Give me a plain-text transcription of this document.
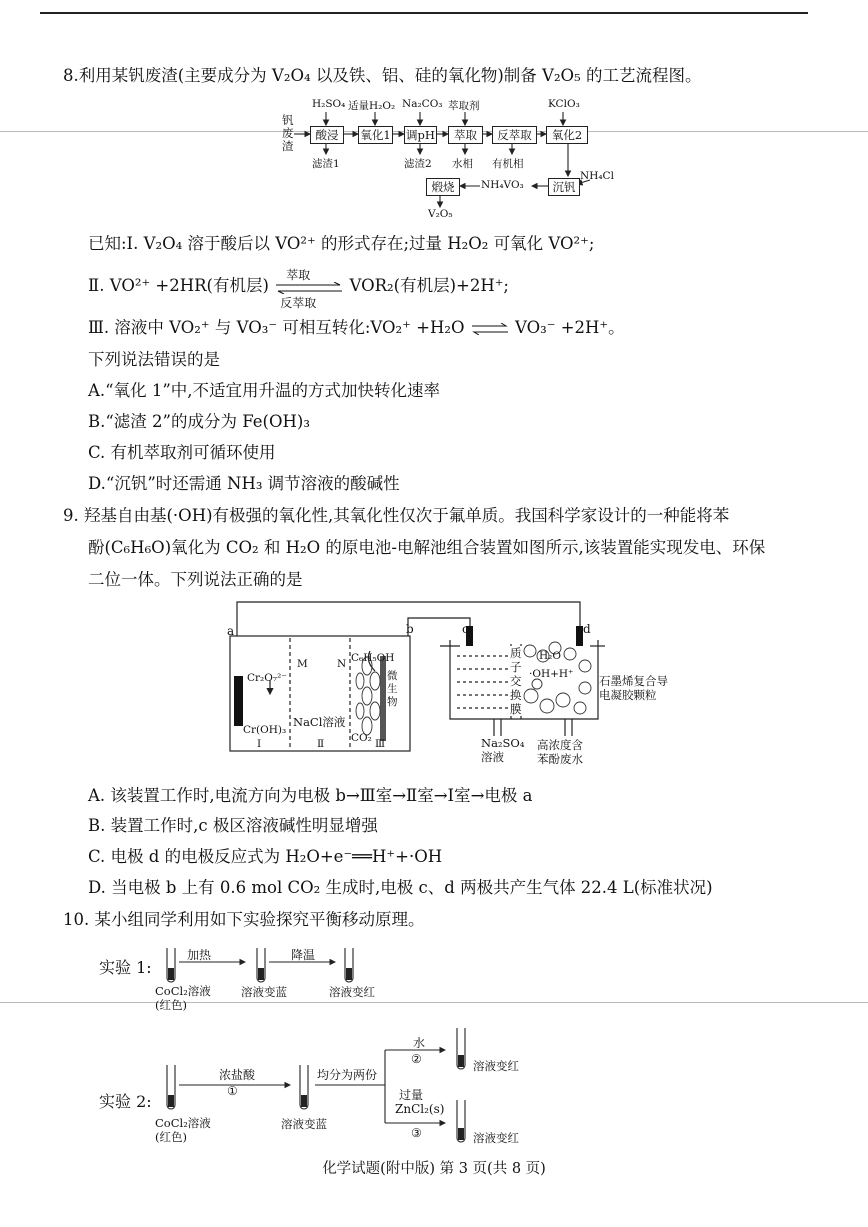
8.利用某钒废渣(主要成分为 V₂O₄ 以及铁、铝、硅的氧化物)制备 V₂O₅ 的工艺流程图。
钒
废
渣
H₂SO₄ 适量H₂O₂ Na₂CO₃ 萃取剂	KClO₃
酸浸	氧化1 调pH	萃取	反萃取	氧化2
沉钒
煅烧
滤渣1	滤渣2 水相 有机相
NH₄Cl
NH₄VO₃
V₂O₅
已知:Ⅰ. V₂O₄ 溶于酸后以 VO²⁺ 的形式存在;过量 H₂O₂ 可氧化 VO²⁺;
Ⅱ. VO²⁺ +2HR(有机层)
萃取
反萃取
VOR₂(有机层)+2H⁺;
Ⅲ. 溶液中 VO₂⁺ 与 VO₃⁻ 可相互转化:VO₂⁺ +H₂O	VO₃⁻ +2H⁺。
下列说法错误的是
A.“氧化 1”中,不适宜用升温的方式加快转化速率
B.“滤渣 2”的成分为 Fe(OH)₃
C. 有机萃取剂可循环使用
D.“沉钒”时还需通 NH₃ 调节溶液的酸碱性
9. 羟基自由基(·OH)有极强的氧化性,其氧化性仅次于氟单质。我国科学家设计的一种能将苯
酚(C₆H₆O)氧化为 CO₂ 和 H₂O 的原电池-电解池组合装置如图所示,该装置能实现发电、环保
二位一体。下列说法正确的是
a	b	c	d
Cr₂O₇²⁻
Cr(OH)₃
M	N
NaCl溶液
C₆H₅OH
微
生
物
CO₂
Ⅰ	Ⅱ	Ⅲ
质
子
交
换
膜
H₂O
·OH+H⁺ 石墨烯复合导
电凝胶颗粒
Na₂SO₄
溶液
高浓度含
苯酚废水
A. 该装置工作时,电流方向为电极 b→Ⅲ室→Ⅱ室→Ⅰ室→电极 a
B. 装置工作时,c 极区溶液碱性明显增强
C. 电极 d 的电极反应式为 H₂O+e⁻══H⁺+·OH
D. 当电极 b 上有 0.6 mol CO₂ 生成时,电极 c、d 两极共产生气体 22.4 L(标准状况)
10. 某小组同学利用如下实验探究平衡移动原理。
实验 1:
加热	降温
CoCl₂溶液
(红色)
溶液变蓝	溶液变红
实验 2:
浓盐酸
①
均分为两份
水
②
过量
ZnCl₂(s)
③
CoCl₂溶液
(红色)
溶液变蓝
溶液变红
溶液变红
化学试题(附中版) 第 3 页(共 8 页)
